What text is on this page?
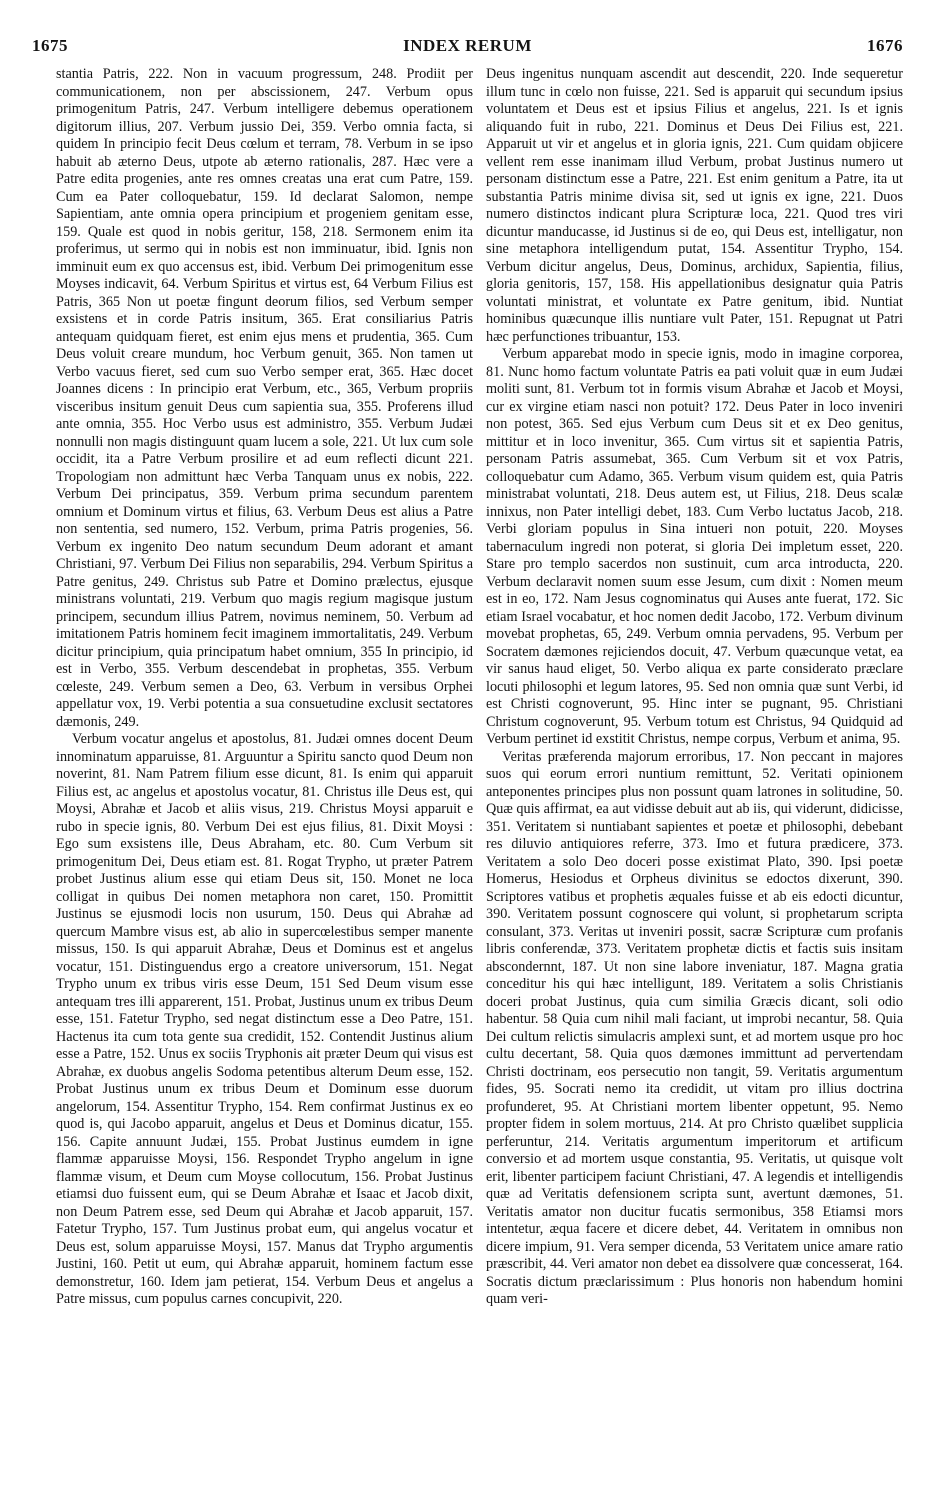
1675	INDEX RERUM	1676

stantia Patris, 222. Non in vacuum progressum, 248. Prodiit per communicationem, non per abscissionem, 247. Verbum opus primogenitum Patris, 247. Verbum intelligere debemus operationem digitorum illius, 207. Verbum jussio Dei, 359. Verbo omnia facta, si quidem In principio fecit Deus cœlum et terram, 78. Verbum in se ipso habuit ab æterno Deus, utpote ab æterno rationalis, 287. Hæc vere a Patre edita progenies, ante res omnes creatas una erat cum Patre, 159. Cum ea Pater colloquebatur, 159. Id declarat Salomon, nempe Sapientiam, ante omnia opera principium et progeniem genitam esse, 159. Quale est quod in nobis geritur, 158, 218. Sermonem enim ita proferimus, ut sermo qui in nobis est non imminuatur, ibid. Ignis non imminuit eum ex quo accensus est, ibid. Verbum Dei primogenitum esse Moyses indicavit, 64. Verbum Spiritus et virtus est, 64 Verbum Filius est Patris, 365 Non ut poetæ fingunt deorum filios, sed Verbum semper exsistens et in corde Patris insitum, 365. Erat consiliarius Patris antequam quidquam fieret, est enim ejus mens et prudentia, 365. Cum Deus voluit creare mundum, hoc Verbum genuit, 365. Non tamen ut Verbo vacuus fieret, sed cum suo Verbo semper erat, 365. Hæc docet Joannes dicens : In principio erat Verbum, etc., 365, Verbum propriis visceribus insitum genuit Deus cum sapientia sua, 355. Proferens illud ante omnia, 355. Hoc Verbo usus est administro, 355. Verbum Judæi nonnulli non magis distinguunt quam lucem a sole, 221. Ut lux cum sole occidit, ita a Patre Verbum prosilire et ad eum reflecti dicunt 221. Tropologiam non admittunt hæc Verba Tanquam unus ex nobis, 222. Verbum Dei principatus, 359. Verbum prima secundum parentem omnium et Dominum virtus et filius, 63. Verbum Deus est alius a Patre non sententia, sed numero, 152. Verbum, prima Patris progenies, 56. Verbum ex ingenito Deo natum secundum Deum adorant et amant Christiani, 97. Verbum Dei Filius non separabilis, 294. Verbum Spiritus a Patre genitus, 249. Christus sub Patre et Domino prælectus, ejusque ministrans voluntati, 219. Verbum quo magis regium magisque justum principem, secundum illius Patrem, novimus neminem, 50. Verbum ad imitationem Patris hominem fecit imaginem immortalitatis, 249. Verbum dicitur principium, quia principatum habet omnium, 355 In principio, id est in Verbo, 355. Verbum descendebat in prophetas, 355. Verbum cœleste, 249. Verbum semen a Deo, 63. Verbum in versibus Orphei appellatur vox, 19. Verbi potentia a sua consuetudine exclusit sectatores dæmonis, 249.

Verbum vocatur angelus et apostolus, 81. Judæi omnes docent Deum innominatum apparuisse, 81. Arguuntur a Spiritu sancto quod Deum non noverint, 81. Nam Patrem filium esse dicunt, 81. Is enim qui apparuit Filius est, ac angelus et apostolus vocatur, 81. Christus ille Deus est, qui Moysi, Abrahæ et Jacob et aliis visus, 219. Christus Moysi apparuit e rubo in specie ignis, 80. Verbum Dei est ejus filius, 81. Dixit Moysi : Ego sum exsistens ille, Deus Abraham, etc. 80. Cum Verbum sit primogenitum Dei, Deus etiam est. 81. Rogat Trypho, ut præter Patrem probet Justinus alium esse qui etiam Deus sit, 150. Monet ne loca colligat in quibus Dei nomen metaphora non caret, 150. Promittit Justinus se ejusmodi locis non usurum, 150. Deus qui Abrahæ ad quercum Mambre visus est, ab alio in supercœlestibus semper manente missus, 150. Is qui apparuit Abrahæ, Deus et Dominus est et angelus vocatur, 151. Distinguendus ergo a creatore universorum, 151. Negat Trypho unum ex tribus viris esse Deum, 151 Sed Deum visum esse antequam tres illi apparerent, 151. Probat, Justinus unum ex tribus Deum esse, 151. Fatetur Trypho, sed negat distinctum esse a Deo Patre, 151. Hactenus ita cum tota gente sua credidit, 152. Contendit Justinus alium esse a Patre, 152. Unus ex sociis Tryphonis ait præter Deum qui visus est Abrahæ, ex duobus angelis Sodoma petentibus alterum Deum esse, 152. Probat Justinus unum ex tribus Deum et Dominum esse duorum angelorum, 154. Assentitur Trypho, 154. Rem confirmat Justinus ex eo quod is, qui Jacobo apparuit, angelus et Deus et Dominus dicatur, 155. 156. Capite annuunt Judæi, 155. Probat Justinus eumdem in igne flammæ apparuisse Moysi, 156. Respondet Trypho angelum in igne flammæ visum, et Deum cum Moyse collocutum, 156. Probat Justinus etiamsi duo fuissent eum, qui se Deum Abrahæ et Isaac et Jacob dixit, non Deum Patrem esse, sed Deum qui Abrahæ et Jacob apparuit, 157. Fatetur Trypho, 157. Tum Justinus probat eum, qui angelus vocatur et Deus est, solum apparuisse Moysi, 157. Manus dat Trypho argumentis Justini, 160. Petit ut eum, qui Abrahæ apparuit, hominem factum esse demonstretur, 160. Idem jam petierat, 154. Verbum Deus et angelus a Patre missus, cum populus carnes concupivit, 220.

Deus ingenitus nunquam ascendit aut descendit, 220. Inde sequeretur illum tunc in cœlo non fuisse, 221. Sed is apparuit qui secundum ipsius voluntatem et Deus est et ipsius Filius et angelus, 221. Is et ignis aliquando fuit in rubo, 221. Dominus et Deus Dei Filius est, 221. Apparuit ut vir et angelus et in gloria ignis, 221. Cum quidam objicere vellent rem esse inanimam illud Verbum, probat Justinus numero ut personam distinctum esse a Patre, 221. Est enim genitum a Patre, ita ut substantia Patris minime divisa sit, sed ut ignis ex igne, 221. Duos numero distinctos indicant plura Scripturæ loca, 221. Quod tres viri dicuntur manducasse, id Justinus si de eo, qui Deus est, intelligatur, non sine metaphora intelligendum putat, 154. Assentitur Trypho, 154. Verbum dicitur angelus, Deus, Dominus, archidux, Sapientia, filius, gloria genitoris, 157, 158. His appellationibus designatur quia Patris voluntati ministrat, et voluntate ex Patre genitum, ibid. Nuntiat hominibus quæcunque illis nuntiare vult Pater, 151. Repugnat ut Patri hæc perfunctiones tribuantur, 153.

Verbum apparebat modo in specie ignis, modo in imagine corporea, 81. Nunc homo factum voluntate Patris ea pati voluit quæ in eum Judæi moliti sunt, 81. Verbum tot in formis visum Abrahæ et Jacob et Moysi, cur ex virgine etiam nasci non potuit? 172. Deus Pater in loco inveniri non potest, 365. Sed ejus Verbum cum Deus sit et ex Deo genitus, mittitur et in loco invenitur, 365. Cum virtus sit et sapientia Patris, personam Patris assumebat, 365. Cum Verbum sit et vox Patris, colloquebatur cum Adamo, 365. Verbum visum quidem est, quia Patris ministrabat voluntati, 218. Deus autem est, ut Filius, 218. Deus scalæ innixus, non Pater intelligi debet, 183. Cum Verbo luctatus Jacob, 218. Verbi gloriam populus in Sina intueri non potuit, 220. Moyses tabernaculum ingredi non poterat, si gloria Dei impletum esset, 220. Stare pro templo sacerdos non sustinuit, cum arca introducta, 220. Verbum declaravit nomen suum esse Jesum, cum dixit : Nomen meum est in eo, 172. Nam Jesus cognominatus qui Auses ante fuerat, 172. Sic etiam Israel vocabatur, et hoc nomen dedit Jacobo, 172. Verbum divinum movebat prophetas, 65, 249. Verbum omnia pervadens, 95. Verbum per Socratem dæmones rejiciendos docuit, 47. Verbum quæcunque vetat, ea vir sanus haud eliget, 50. Verbo aliqua ex parte considerato præclare locuti philosophi et legum latores, 95. Sed non omnia quæ sunt Verbi, id est Christi cognoverunt, 95. Hinc inter se pugnant, 95. Christiani Christum cognoverunt, 95. Verbum totum est Christus, 94 Quidquid ad Verbum pertinet id exstitit Christus, nempe corpus, Verbum et anima, 95.

Veritas præferenda majorum erroribus, 17. Non peccant in majores suos qui eorum errori nuntium remittunt, 52. Veritati opinionem anteponentes principes plus non possunt quam latrones in solitudine, 50. Quæ quis affirmat, ea aut vidisse debuit aut ab iis, qui viderunt, didicisse, 351. Veritatem si nuntiabant sapientes et poetæ et philosophi, debebant res diluvio antiquiores referre, 373. Imo et futura prædicere, 373. Veritatem a solo Deo doceri posse existimat Plato, 390. Ipsi poetæ Homerus, Hesiodus et Orpheus divinitus se edoctos dixerunt, 390. Scriptores vatibus et prophetis æquales fuisse et ab eis edocti dicuntur, 390. Veritatem possunt cognoscere qui volunt, si prophetarum scripta consulant, 373. Veritas ut inveniri possit, sacræ Scripturæ cum profanis libris conferendæ, 373. Veritatem prophetæ dictis et factis suis insitam abscondernnt, 187. Ut non sine labore inveniatur, 187. Magna gratia conceditur his qui hæc intelligunt, 189. Veritatem a solis Christianis doceri probat Justinus, quia cum similia Græcis dicant, soli odio habentur. 58 Quia cum nihil mali faciant, ut improbi necantur, 58. Quia Dei cultum relictis simulacris amplexi sunt, et ad mortem usque pro hoc cultu decertant, 58. Quia quos dæmones immittunt ad pervertendam Christi doctrinam, eos persecutio non tangit, 59. Veritatis argumentum fides, 95. Socrati nemo ita credidit, ut vitam pro illius doctrina profunderet, 95. At Christiani mortem libenter oppetunt, 95. Nemo propter fidem in solem mortuus, 214. At pro Christo quælibet supplicia perferuntur, 214. Veritatis argumentum imperitorum et artificum conversio et ad mortem usque constantia, 95. Veritatis, ut quisque volt erit, libenter participem faciunt Christiani, 47. A legendis et intelligendis quæ ad Veritatis defensionem scripta sunt, avertunt dæmones, 51. Veritatis amator non ducitur fucatis sermonibus, 358 Etiamsi mors intentetur, æqua facere et dicere debet, 44. Veritatem in omnibus non dicere impium, 91. Vera semper dicenda, 53 Veritatem unice amare ratio præscribit, 44. Veri amator non debet ea dissolvere quæ concesserat, 164. Socratis dictum præclarissimum : Plus honoris non habendum homini quam veri-
